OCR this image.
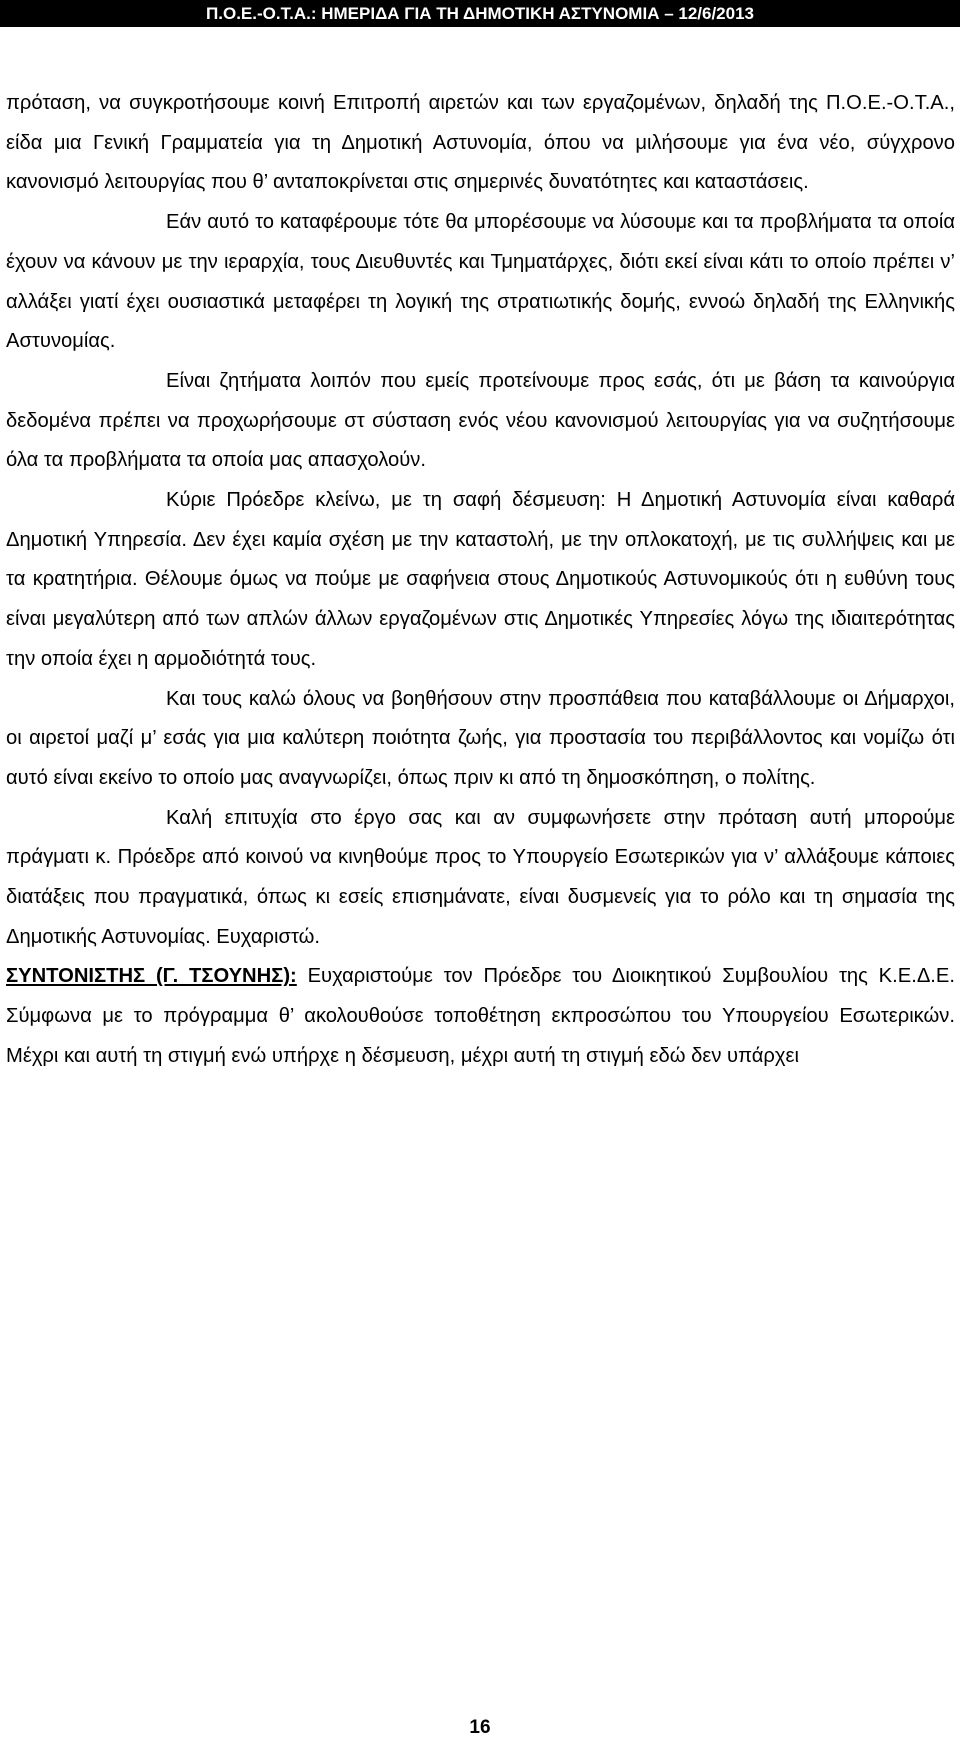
Π.Ο.Ε.-Ο.Τ.Α.: ΗΜΕΡΙΔΑ ΓΙΑ ΤΗ ΔΗΜΟΤΙΚΗ ΑΣΤΥΝΟΜΙΑ – 12/6/2013

πρόταση, να συγκροτήσουμε κοινή Επιτροπή αιρετών και των εργαζομένων, δηλαδή της Π.Ο.Ε.-Ο.Τ.Α., είδα μια Γενική Γραμματεία για τη Δημοτική Αστυνομία, όπου να μιλήσουμε για ένα νέο, σύγχρονο κανονισμό λειτουργίας που θ’ ανταποκρίνεται στις σημερινές δυνατότητες και καταστάσεις.

Εάν αυτό το καταφέρουμε τότε θα μπορέσουμε να λύσουμε και τα προβλήματα τα οποία έχουν να κάνουν με την ιεραρχία, τους Διευθυντές και Τμηματάρχες, διότι εκεί είναι κάτι το οποίο πρέπει ν’ αλλάξει γιατί έχει ουσιαστικά μεταφέρει τη λογική της στρατιωτικής δομής, εννοώ δηλαδή της Ελληνικής Αστυνομίας.

Είναι ζητήματα λοιπόν που εμείς προτείνουμε προς εσάς, ότι με βάση τα καινούργια δεδομένα πρέπει να προχωρήσουμε στ σύσταση ενός νέου κανονισμού λειτουργίας για να συζητήσουμε όλα τα προβλήματα τα οποία μας απασχολούν.

Κύριε Πρόεδρε κλείνω, με τη σαφή δέσμευση: Η Δημοτική Αστυνομία είναι καθαρά Δημοτική Υπηρεσία. Δεν έχει καμία σχέση με την καταστολή, με την οπλοκατοχή, με τις συλλήψεις και με τα κρατητήρια. Θέλουμε όμως να πούμε με σαφήνεια στους Δημοτικούς Αστυνομικούς ότι η ευθύνη τους είναι μεγαλύτερη από των απλών άλλων εργαζομένων στις Δημοτικές Υπηρεσίες λόγω της ιδιαιτερότητας την οποία έχει η αρμοδιότητά τους.

Και τους καλώ όλους να βοηθήσουν στην προσπάθεια που καταβάλλουμε οι Δήμαρχοι, οι αιρετοί μαζί μ’ εσάς για μια καλύτερη ποιότητα ζωής, για προστασία του περιβάλλοντος και νομίζω ότι αυτό είναι εκείνο το οποίο μας αναγνωρίζει, όπως πριν κι από τη δημοσκόπηση, ο πολίτης.

Καλή επιτυχία στο έργο σας και αν συμφωνήσετε στην πρόταση αυτή μπορούμε πράγματι κ. Πρόεδρε από κοινού να κινηθούμε προς το Υπουργείο Εσωτερικών για ν’ αλλάξουμε κάποιες διατάξεις που πραγματικά, όπως κι εσείς επισημάνατε, είναι δυσμενείς για το ρόλο και τη σημασία της Δημοτικής Αστυνομίας. Ευχαριστώ.

ΣΥΝΤΟΝΙΣΤΗΣ (Γ. ΤΣΟΥΝΗΣ): Ευχαριστούμε τον Πρόεδρε του Διοικητικού Συμβουλίου της Κ.Ε.Δ.Ε. Σύμφωνα με το πρόγραμμα θ’ ακολουθούσε τοποθέτηση εκπροσώπου του Υπουργείου Εσωτερικών. Μέχρι και αυτή τη στιγμή ενώ υπήρχε η δέσμευση, μέχρι αυτή τη στιγμή εδώ δεν υπάρχει

16
